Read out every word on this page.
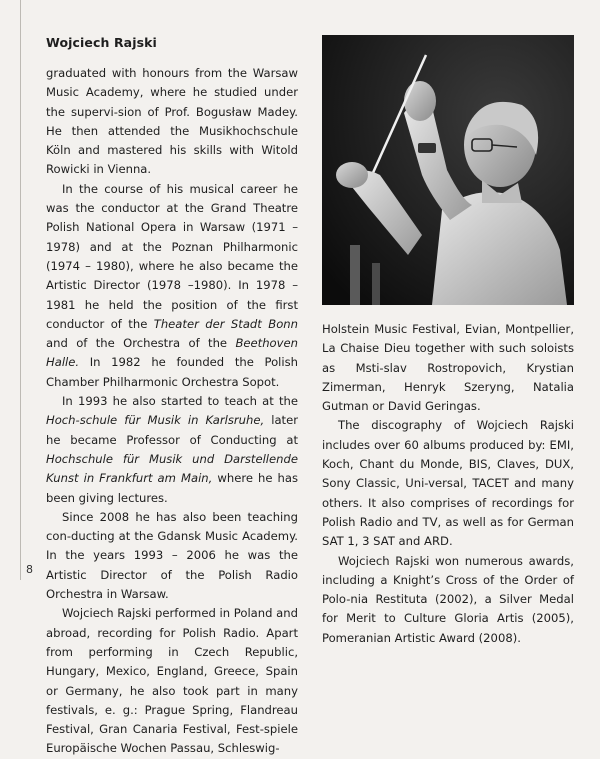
Wojciech Rajski

graduated with honours from the Warsaw Music Academy, where he studied under the supervi-sion of Prof. Bogusław Madey. He then attended the Musikhochschule Köln and mastered his skills with Witold Rowicki in Vienna.

In the course of his musical career he was the conductor at the Grand Theatre Polish National Opera in Warsaw (1971 – 1978) and at the Poznan Philharmonic (1974 – 1980), where he also became the Artistic Director (1978 –1980). In 1978 – 1981 he held the position of the first conductor of the Theater der Stadt Bonn and of the Orchestra of the Beethoven Halle. In 1982 he founded the Polish Chamber Philharmonic Orchestra Sopot.

In 1993 he also started to teach at the Hoch-schule für Musik in Karlsruhe, later he became Professor of Conducting at Hochschule für Musik und Darstellende Kunst in Frankfurt am Main, where he has been giving lectures.

Since 2008 he has also been teaching con-ducting at the Gdansk Music Academy. In the years 1993 – 2006 he was the Artistic Director of the Polish Radio Orchestra in Warsaw.

Wojciech Rajski performed in Poland and abroad, recording for Polish Radio. Apart from performing in Czech Republic, Hungary, Mexico, England, Greece, Spain or Germany, he also took part in many festivals, e. g.: Prague Spring, Flandreau Festival, Gran Canaria Festival, Fest-spiele Europäische Wochen Passau, Schleswig-

Holstein Music Festival, Evian, Montpellier, La Chaise Dieu together with such soloists as Msti-slav Rostropovich, Krystian Zimerman, Henryk Szeryng, Natalia Gutman or David Geringas.

The discography of Wojciech Rajski includes over 60 albums produced by: EMI, Koch, Chant du Monde, BIS, Claves, DUX, Sony Classic, Uni-versal, TACET and many others. It also comprises of recordings for Polish Radio and TV, as well as for German SAT 1, 3 SAT and ARD.

Wojciech Rajski won numerous awards, including a Knight’s Cross of the Order of Polo-nia Restituta (2002), a Silver Medal for Merit to Culture Gloria Artis (2005), Pomeranian Artistic Award (2008).

8
